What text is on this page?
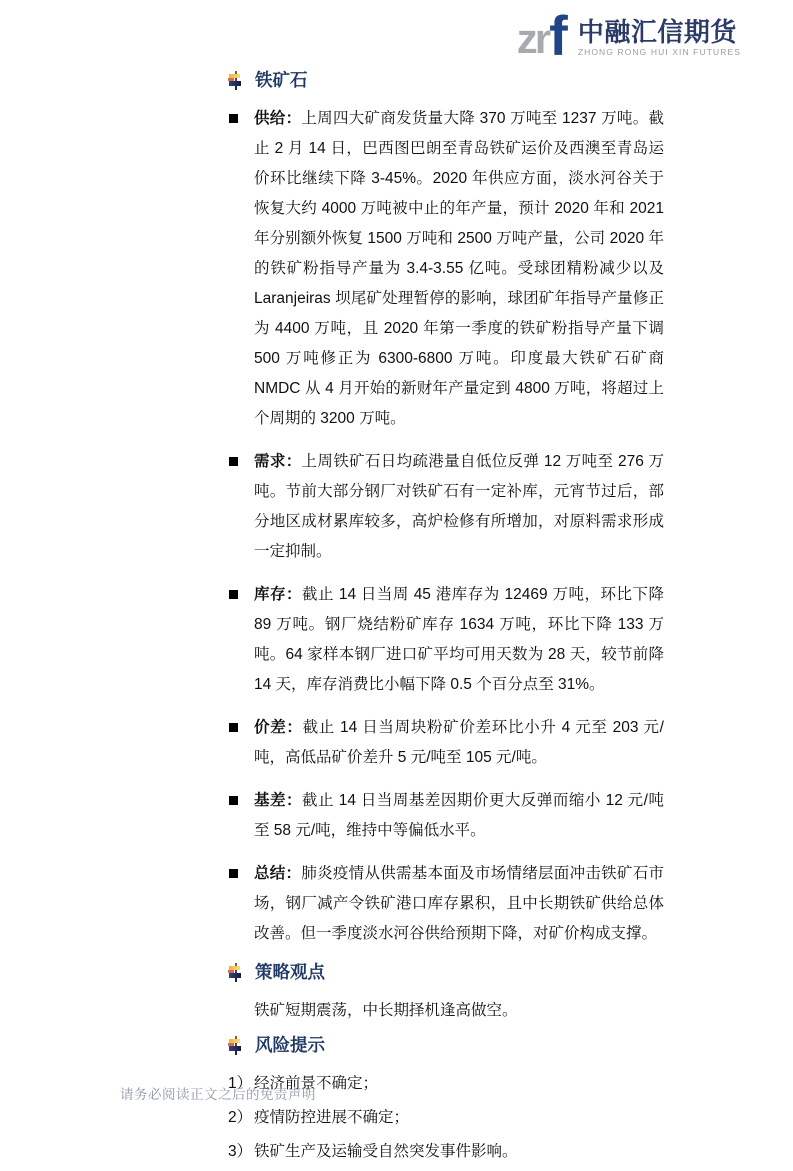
zr f 中融汇信期货
ZHONG RONG HUI XIN FUTURES
铁矿石
供给：上周四大矿商发货量大降 370 万吨至 1237 万吨。截止 2 月 14 日，巴西图巴朗至青岛铁矿运价及西澳至青岛运价环比继续下降 3-45%。2020 年供应方面，淡水河谷关于恢复大约 4000 万吨被中止的年产量，预计 2020 年和 2021 年分别额外恢复 1500 万吨和 2500 万吨产量，公司 2020 年的铁矿粉指导产量为 3.4-3.55 亿吨。受球团精粉减少以及 Laranjeiras 坝尾矿处理暂停的影响，球团矿年指导产量修正为 4400 万吨，且 2020 年第一季度的铁矿粉指导产量下调 500 万吨修正为 6300-6800 万吨。印度最大铁矿石矿商 NMDC 从 4 月开始的新财年产量定到 4800 万吨，将超过上个周期的 3200 万吨。
需求：上周铁矿石日均疏港量自低位反弹 12 万吨至 276 万吨。节前大部分钢厂对铁矿石有一定补库，元宵节过后，部分地区成材累库较多，高炉检修有所增加，对原料需求形成一定抑制。
库存：截止 14 日当周 45 港库存为 12469 万吨，环比下降 89 万吨。钢厂烧结粉矿库存 1634 万吨，环比下降 133 万吨。64 家样本钢厂进口矿平均可用天数为 28 天，较节前降 14 天，库存消费比小幅下降 0.5 个百分点至 31%。
价差：截止 14 日当周块粉矿价差环比小升 4 元至 203 元/吨，高低品矿价差升 5 元/吨至 105 元/吨。
基差：截止 14 日当周基差因期价更大反弹而缩小 12 元/吨至 58 元/吨，维持中等偏低水平。
总结：肺炎疫情从供需基本面及市场情绪层面冲击铁矿石市场，钢厂减产令铁矿港口库存累积，且中长期铁矿供给总体改善。但一季度淡水河谷供给预期下降，对矿价构成支撑。
策略观点

铁矿短期震荡，中长期择机逢高做空。

风险提示
1） 经济前景不确定；
2） 疫情防控进展不确定；
3） 铁矿生产及运输受自然突发事件影响。
请务必阅读正文之后的免责声明
